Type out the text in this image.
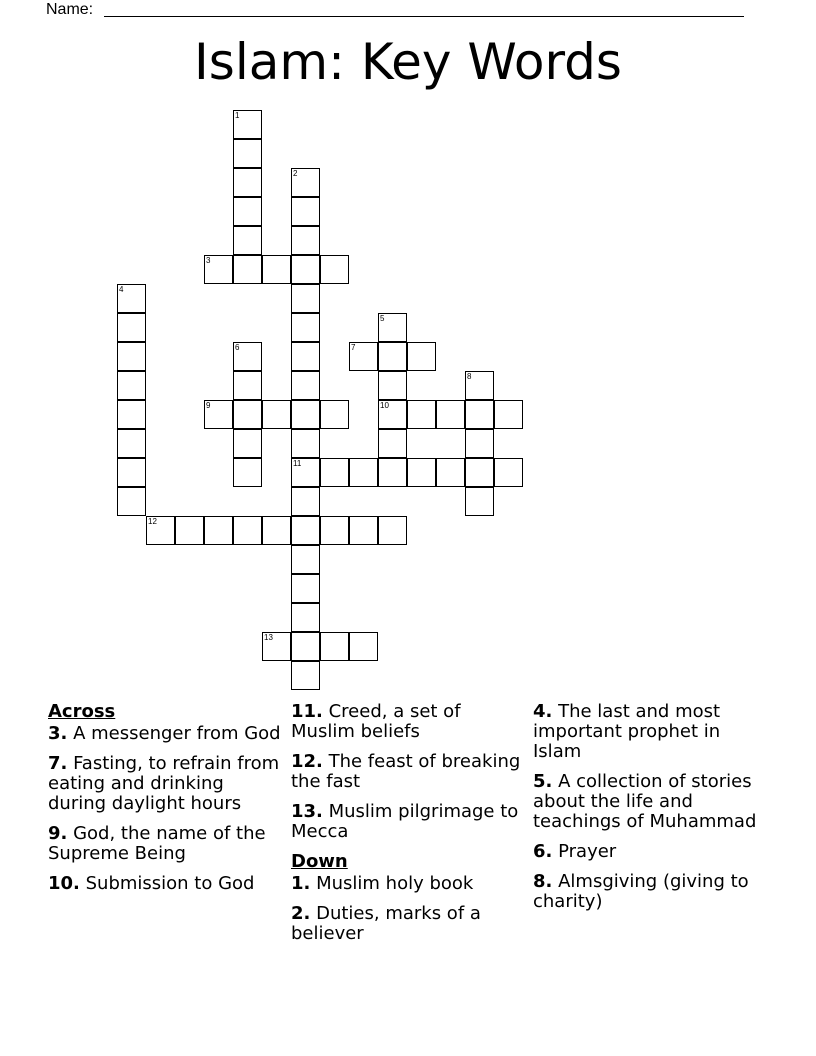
Name:
Islam: Key Words
1
2
3
4
5
6	7
8
9	10
11
12
13
Across
3. A messenger from God
7. Fasting, to refrain from eating and drinking during daylight hours
9. God, the name of the Supreme Being
10. Submission to God
11. Creed, a set of Muslim beliefs
12. The feast of breaking the fast
13. Muslim pilgrimage to Mecca
Down
1. Muslim holy book
2. Duties, marks of a believer
4. The last and most important prophet in Islam
5. A collection of stories about the life and teachings of Muhammad
6. Prayer
8. Almsgiving (giving to charity)
